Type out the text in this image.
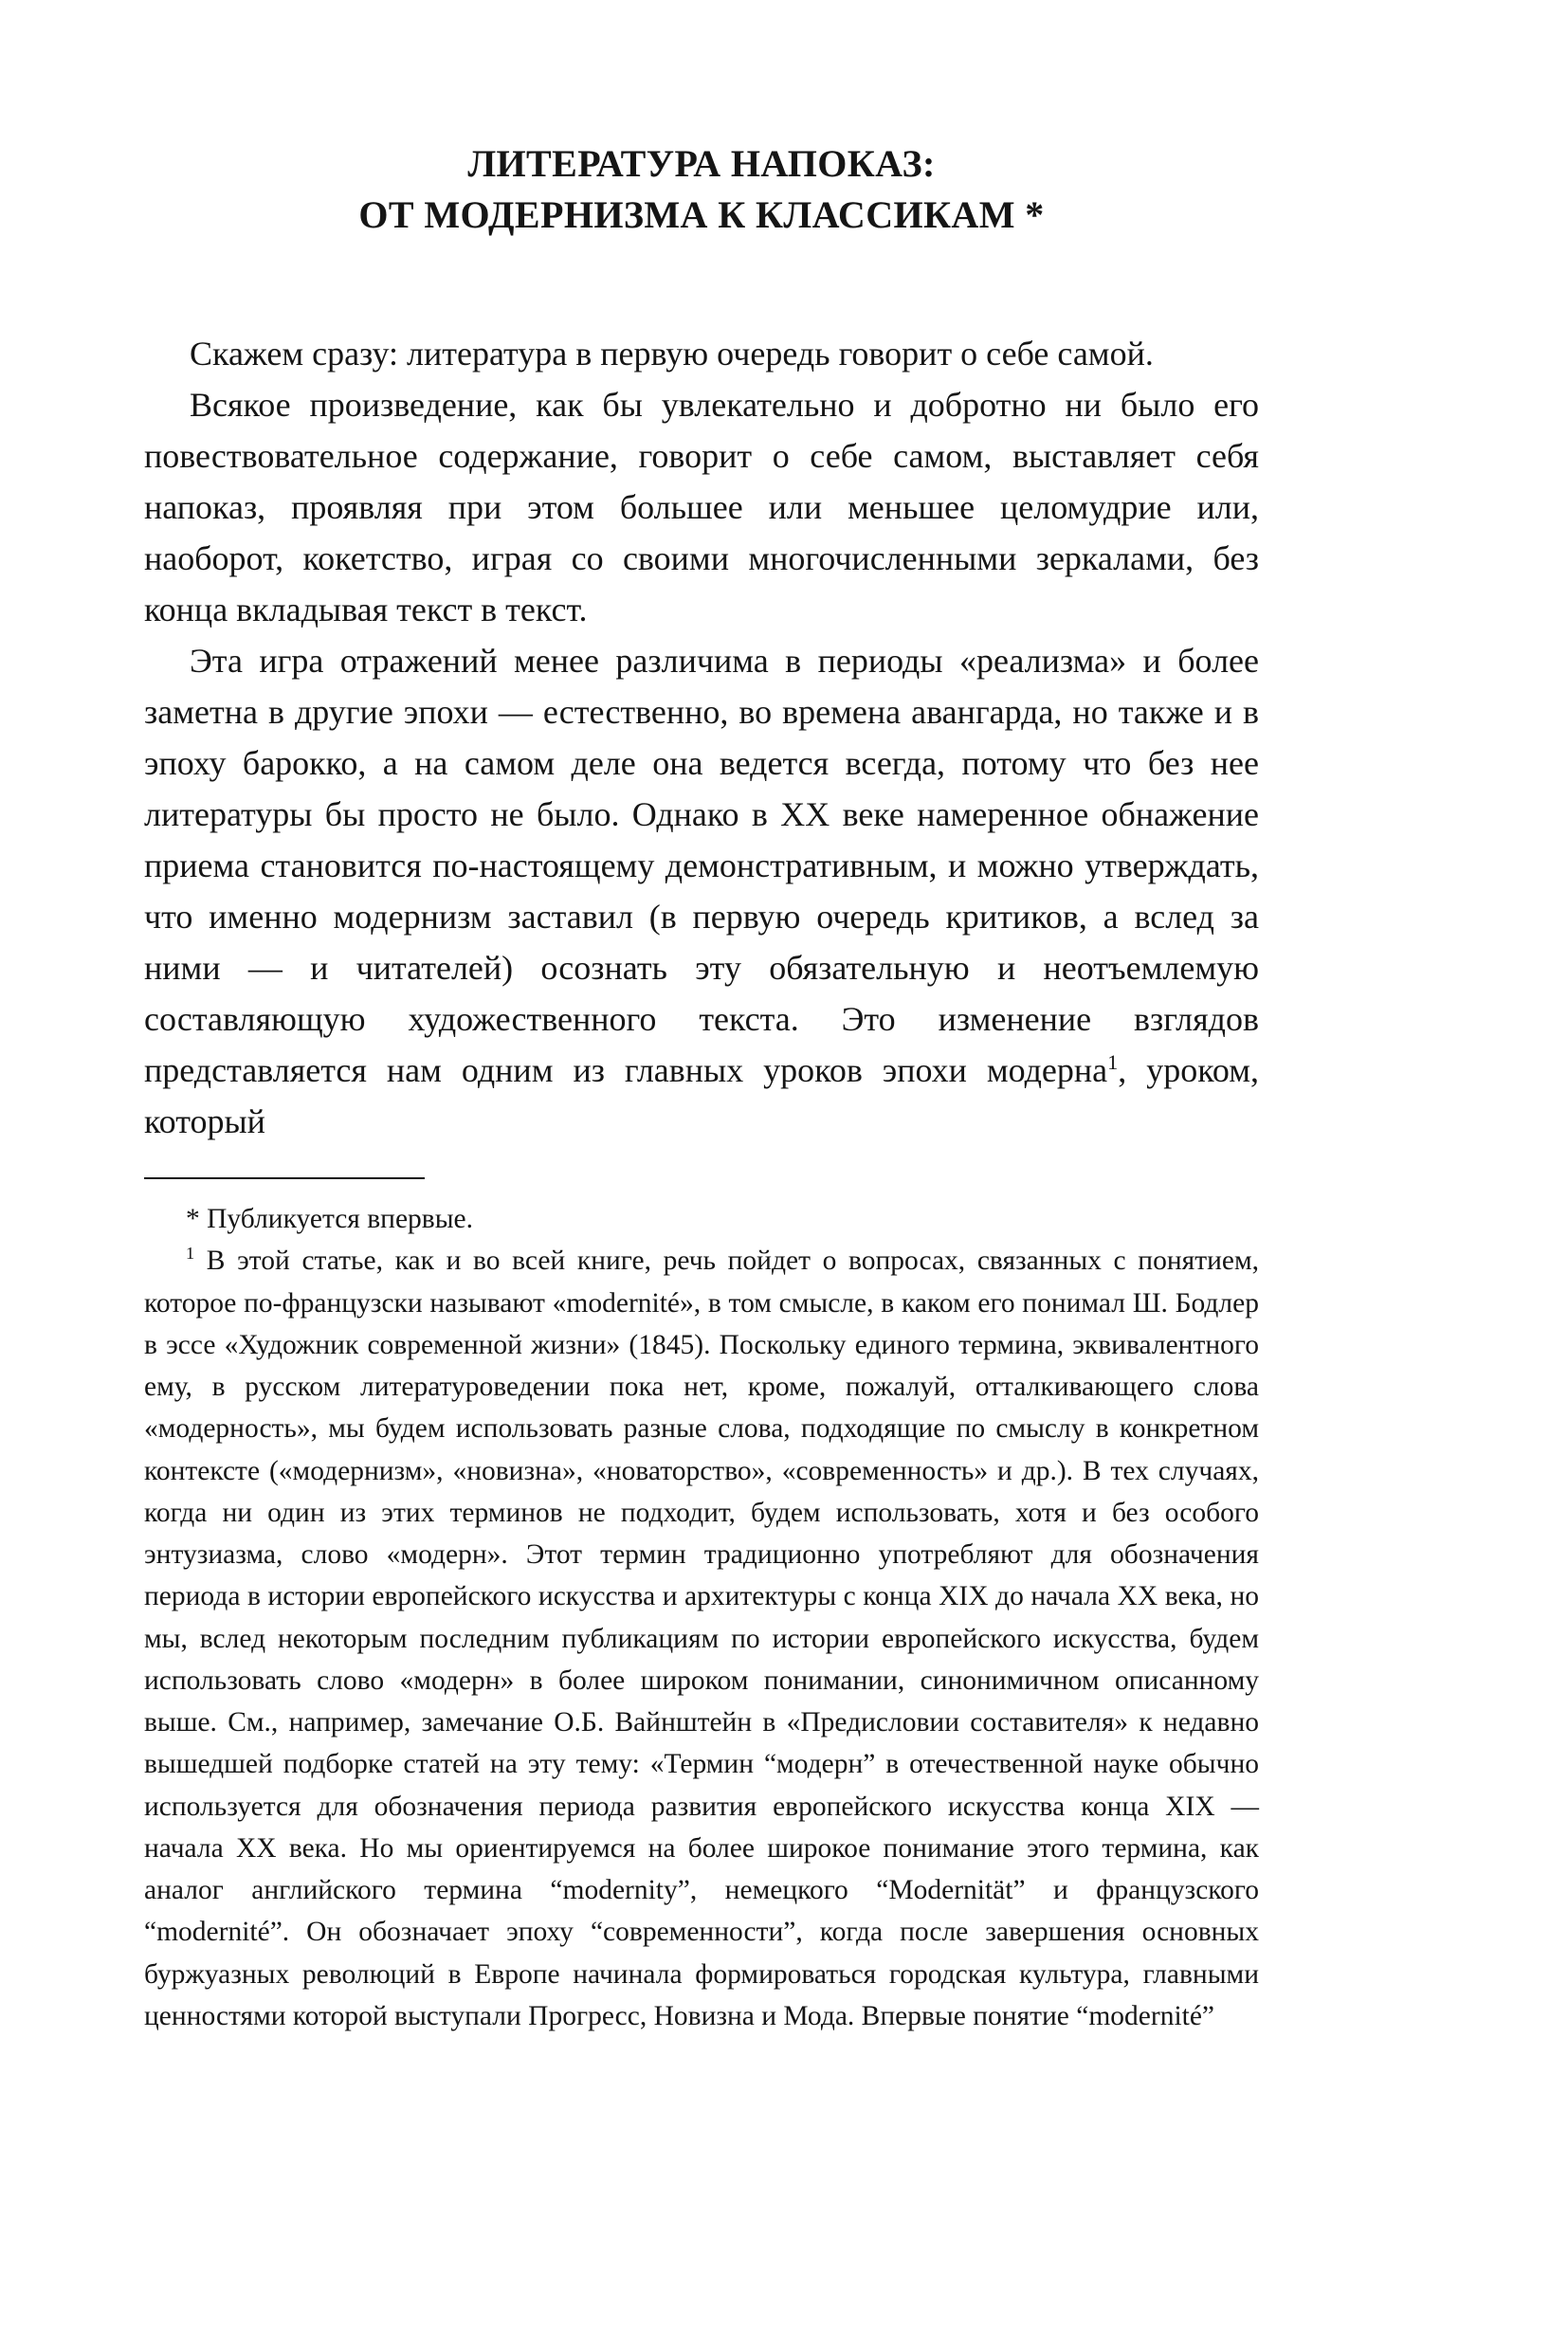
ЛИТЕРАТУРА НАПОКАЗ:
ОТ МОДЕРНИЗМА К КЛАССИКАМ *

Скажем сразу: литература в первую очередь говорит о себе самой.

Всякое произведение, как бы увлекательно и добротно ни было его повествовательное содержание, говорит о себе самом, выставляет себя напоказ, проявляя при этом большее или меньшее целомудрие или, наоборот, кокетство, играя со своими многочисленными зеркалами, без конца вкладывая текст в текст.

Эта игра отражений менее различима в периоды «реализма» и более заметна в другие эпохи — естественно, во времена авангарда, но также и в эпоху барокко, а на самом деле она ведется всегда, потому что без нее литературы бы просто не было. Однако в XX веке намеренное обнажение приема становится по-настоящему демонстративным, и можно утверждать, что именно модернизм заставил (в первую очередь критиков, а вслед за ними — и читателей) осознать эту обязательную и неотъемлемую составляющую художественного текста. Это изменение взглядов представляется нам одним из главных уроков эпохи модерна$^1$, уроком, который

* Публикуется впервые.

$^1$ В этой статье, как и во всей книге, речь пойдет о вопросах, связанных с понятием, которое по-французски называют «modernité», в том смысле, в каком его понимал Ш. Бодлер в эссе «Художник современной жизни» (1845). Поскольку единого термина, эквивалентного ему, в русском литературоведении пока нет, кроме, пожалуй, отталкивающего слова «модерность», мы будем использовать разные слова, подходящие по смыслу в конкретном контексте («модернизм», «новизна», «новаторство», «современность» и др.). В тех случаях, когда ни один из этих терминов не подходит, будем использовать, хотя и без особого энтузиазма, слово «модерн». Этот термин традиционно употребляют для обозначения периода в истории европейского искусства и архитектуры с конца XIX до начала XX века, но мы, вслед некоторым последним публикациям по истории европейского искусства, будем использовать слово «модерн» в более широком понимании, синонимичном описанному выше. См., например, замечание О.Б. Вайнштейн в «Предисловии составителя» к недавно вышедшей подборке статей на эту тему: «Термин “модерн” в отечественной науке обычно используется для обозначения периода развития европейского искусства конца XIX — начала XX века. Но мы ориентируемся на более широкое понимание этого термина, как аналог английского термина “modernity”, немецкого “Modernität” и французского “modernité”. Он обозначает эпоху “современности”, когда после завершения основных буржуазных революций в Европе начинала формироваться городская культура, главными ценностями которой выступали Прогресс, Новизна и Мода. Впервые понятие “modernité”
